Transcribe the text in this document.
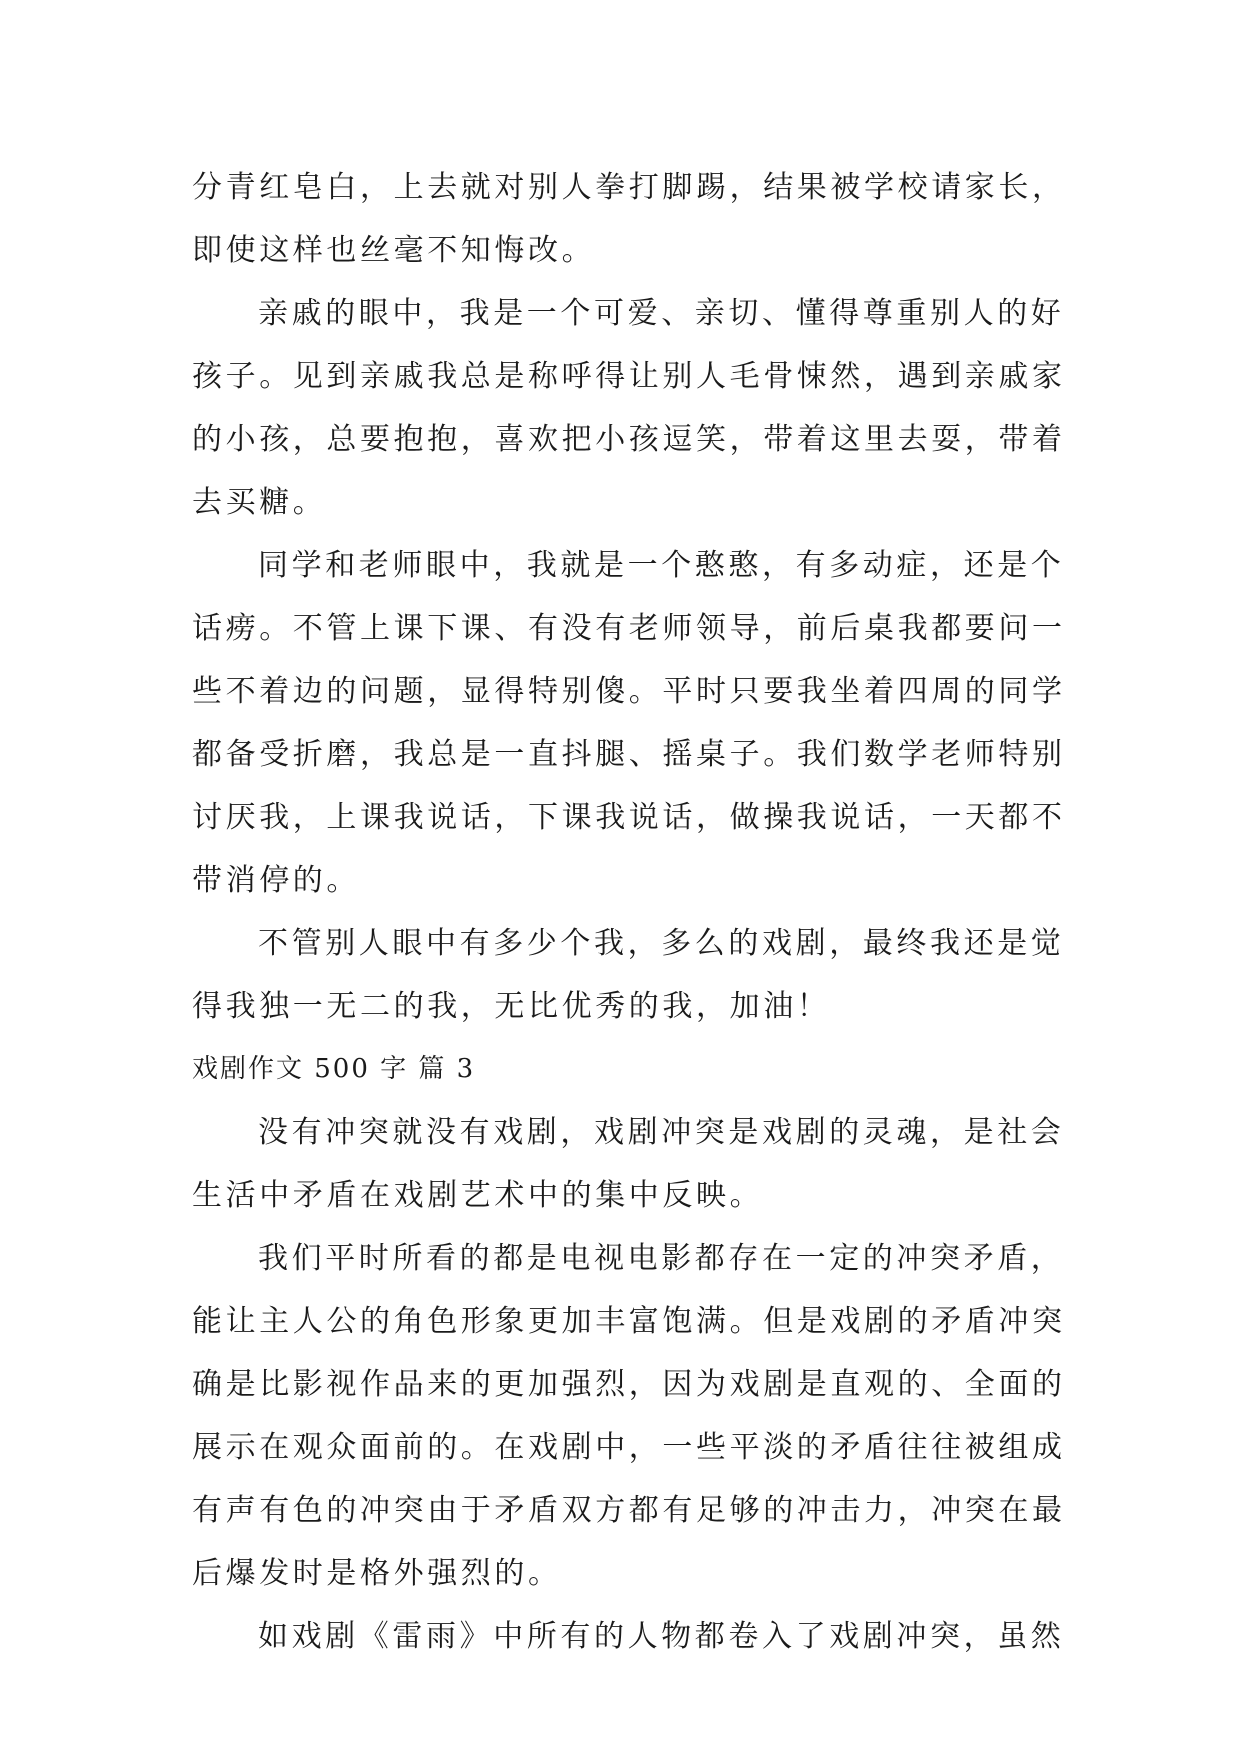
分青红皂白，上去就对别人拳打脚踢，结果被学校请家长，
即使这样也丝毫不知悔改。
亲戚的眼中，我是一个可爱、亲切、懂得尊重别人的好
孩子。见到亲戚我总是称呼得让别人毛骨悚然，遇到亲戚家
的小孩，总要抱抱，喜欢把小孩逗笑，带着这里去耍，带着
去买糖。
同学和老师眼中，我就是一个憨憨，有多动症，还是个
话痨。不管上课下课、有没有老师领导，前后桌我都要问一
些不着边的问题，显得特别傻。平时只要我坐着四周的同学
都备受折磨，我总是一直抖腿、摇桌子。我们数学老师特别
讨厌我，上课我说话，下课我说话，做操我说话，一天都不
带消停的。
不管别人眼中有多少个我，多么的戏剧，最终我还是觉
得我独一无二的我，无比优秀的我，加油！
戏剧作文 500 字 篇 3
没有冲突就没有戏剧，戏剧冲突是戏剧的灵魂，是社会
生活中矛盾在戏剧艺术中的集中反映。
我们平时所看的都是电视电影都存在一定的冲突矛盾，
能让主人公的角色形象更加丰富饱满。但是戏剧的矛盾冲突
确是比影视作品来的更加强烈，因为戏剧是直观的、全面的
展示在观众面前的。在戏剧中，一些平淡的矛盾往往被组成
有声有色的冲突由于矛盾双方都有足够的冲击力，冲突在最
后爆发时是格外强烈的。
如戏剧《雷雨》中所有的人物都卷入了戏剧冲突，虽然
